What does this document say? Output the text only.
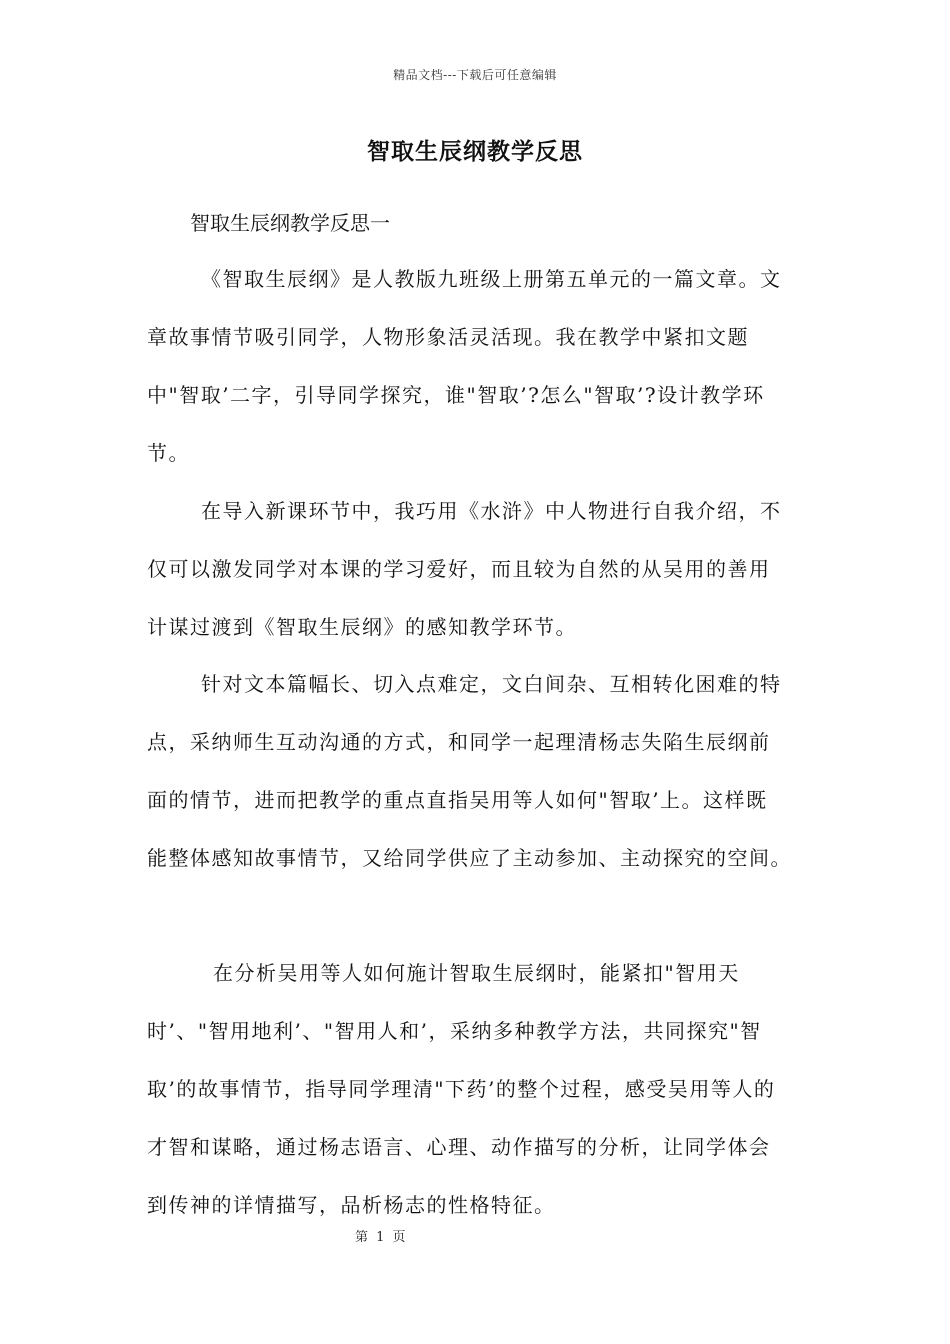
精品文档---下载后可任意编辑
智取生辰纲教学反思
智取生辰纲教学反思一
《智取生辰纲》是人教版九班级上册第五单元的一篇文章。文
章故事情节吸引同学，人物形象活灵活现。我在教学中紧扣文题
中"智取’二字，引导同学探究，谁"智取’?怎么"智取’?设计教学环
节。
在导入新课环节中，我巧用《水浒》中人物进行自我介绍，不
仅可以激发同学对本课的学习爱好，而且较为自然的从吴用的善用
计谋过渡到《智取生辰纲》的感知教学环节。
针对文本篇幅长、切入点难定，文白间杂、互相转化困难的特
点，采纳师生互动沟通的方式，和同学一起理清杨志失陷生辰纲前
面的情节，进而把教学的重点直指吴用等人如何"智取’上。这样既
能整体感知故事情节，又给同学供应了主动参加、主动探究的空间。
在分析吴用等人如何施计智取生辰纲时，能紧扣"智用天
时’、"智用地利’、"智用人和’，采纳多种教学方法，共同探究"智
取’的故事情节，指导同学理清"下药’的整个过程，感受吴用等人的
才智和谋略，通过杨志语言、心理、动作描写的分析，让同学体会
到传神的详情描写，品析杨志的性格特征。
第 1 页
